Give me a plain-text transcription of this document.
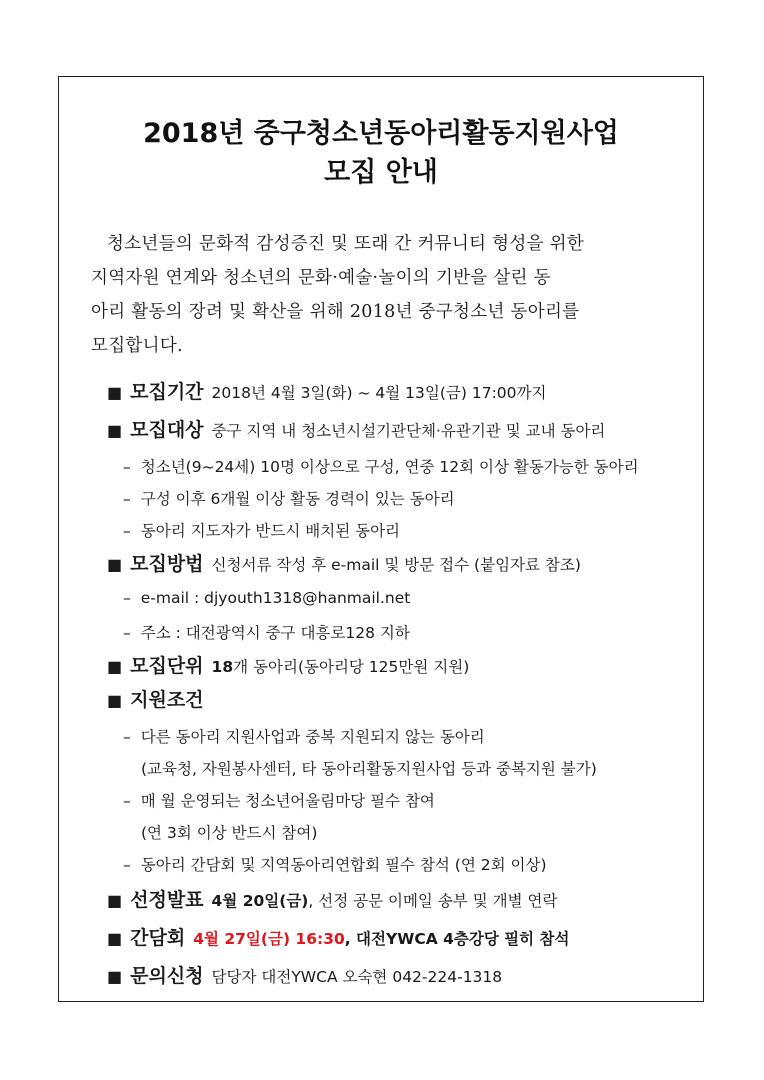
2018년 중구청소년동아리활동지원사업
모집 안내
청소년들의 문화적 감성증진 및 또래 간 커뮤니티 형성을 위한
지역자원 연계와 청소년의 문화·예술·놀이의 기반을 살린 동
아리 활동의 장려 및 확산을 위해 2018년 중구청소년 동아리를
모집합니다.
■ 모집기간 2018년 4월 3일(화) ~ 4월 13일(금) 17:00까지
■ 모집대상 중구 지역 내 청소년시설기관단체·유관기관 및 교내 동아리
– 청소년(9~24세) 10명 이상으로 구성, 연중 12회 이상 활동가능한 동아리
– 구성 이후 6개월 이상 활동 경력이 있는 동아리
– 동아리 지도자가 반드시 배치된 동아리
■ 모집방법 신청서류 작성 후 e-mail 및 방문 접수 (붙임자료 참조)
– e-mail : djyouth1318@hanmail.net
– 주소 : 대전광역시 중구 대흥로128 지하
■ 모집단위 18개 동아리(동아리당 125만원 지원)
■ 지원조건
– 다른 동아리 지원사업과 중복 지원되지 않는 동아리
(교육청, 자원봉사센터, 타 동아리활동지원사업 등과 중복지원 불가)
– 매 월 운영되는 청소년어울림마당 필수 참여
(연 3회 이상 반드시 참여)
– 동아리 간담회 및 지역동아리연합회 필수 참석 (연 2회 이상)
■ 선정발표 4월 20일(금), 선정 공문 이메일 송부 및 개별 연락
■ 간담회 4월 27일(금) 16:30, 대전YWCA 4층강당 필히 참석
■ 문의신청 담당자 대전YWCA 오숙현 042-224-1318
